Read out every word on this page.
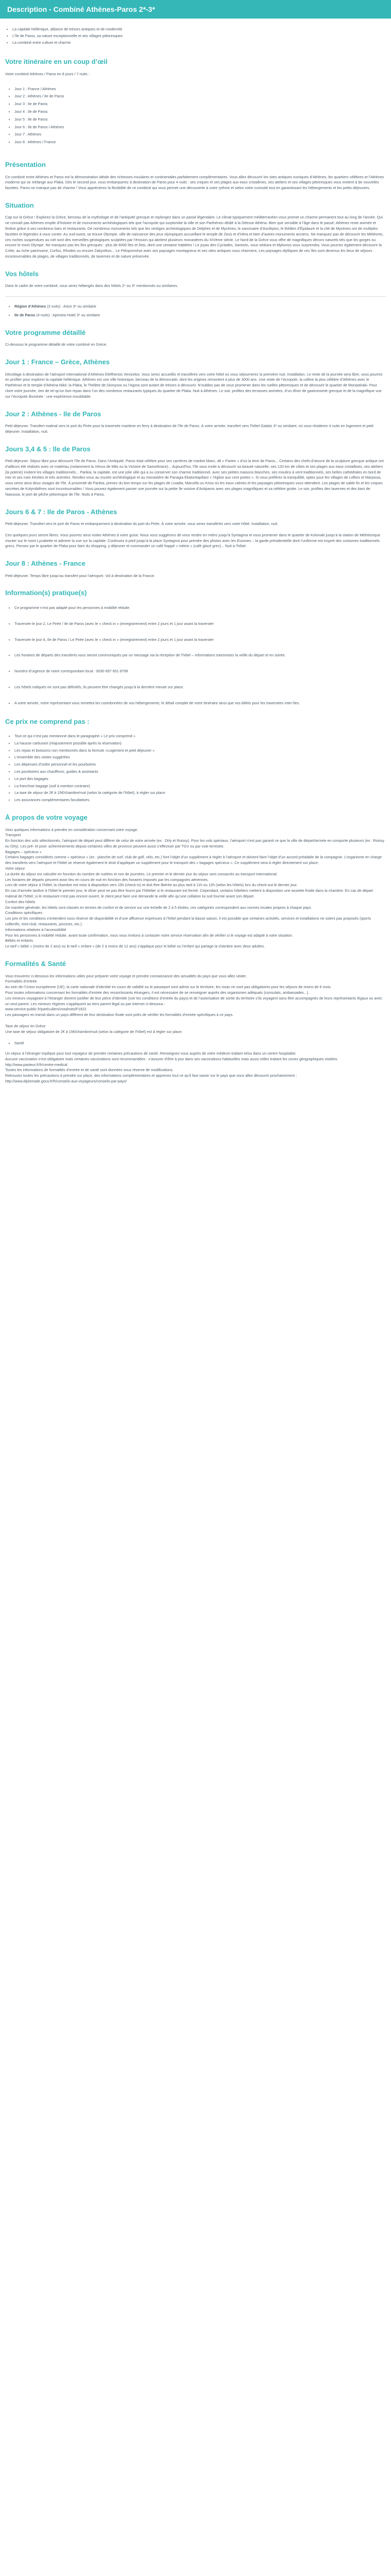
Description - Combiné Athènes-Paros 2*-3*
• La capitale hellénique, alliance de trésors antiques et de modernité
• L’île de Paros, sa nature exceptionnelle et ses villages pittoresques
• La combiné entre culture et charme
Votre itinéraire en un coup d’œil
Votre combiné Athènes / Paros en 8 jours / 7 nuits :
• Jour 1 : France / Athènes
• Jour 2 : Athènes / Ile de Paros
• Jour 3 : Ile de Paros
• Jour 4 : Ile de Paros
• Jour 5 : Ile de Paros
• Jour 6 : Ile de Paros / Athènes
• Jour 7 : Athènes
• Jour 8 : Athènes / France
Présentation
Ce combiné entre Athènes et Paros est la démonstration idéale des richesses insulaires et continentales parfaitement complémentaires. Vous allez découvrir les sites antiques iconiques d’Athènes, les quartiers célèbres et l’Athènes moderne qui se mélange aux Plaka. Dès le second jour, vous embarquerez à destination de Paros pour 4 nuits : ses criques et ses plages aux eaux cristallines, ses ateliers et ses villages pittoresques vous invitent à de nouvelles facettes. Paros ne manque pas de charme ! Vous apprécierez la flexibilité de ce combiné qui vous permet une découverte à votre rythme et selon votre curiosité tout en garantissant les hébergements et les petits déjeuners.
Situation
Cap sur la Grèce ! Explorez la Grèce, berceau de la mythologie et de l’antiquité grecque et replongez dans un passé légendaire. Le climat typiquement méditerranéen vous promet un charme permanent tout au long de l’année. Qui ne connaît pas Athènes emplie d’histoire et de monuments archéologiques tels que l’acropole qui surplombe la ville et son Parthénon dédié à la Déesse Athéna. Bien que sensible à l’âge dans le passé, Athènes reste animée et festive grâce à ses nombreux bars et restaurants. De nombreux monuments tels que les vestiges archéologiques de Delphes et de Mycènes, le sanctuaire d’Asclépios, le théâtre d’Épidaure et la cité de Mycènes ont de multiples facettes et légendes à vous conter. Au sud-ouest, se trouve Olympie, ville de naissance des jeux olympiques accueillant le temple de Zeus et d’Héra et bien d’autres monuments anciens. Ne manquez pas de découvrir les Météores, ces roches suspendues au ciel sont des merveilles géologiques sculptées par l’érosion qui abritent plusieurs monastères du XIVème siècle. Le Nord de la Grèce vous offre de magnifiques décors naturels tels que les gorges ou encore le mont Olympe. Ne manquez pas les îles grecques : plus de 6000 îles et îlots, dont une centaine habitées ! Le joyau des Cyclades, Santorin, vous séduira et Mykonos vous surprendra. Vous pourrez également découvrir la Crète, au riche patrimoine, Corfou, Rhodes ou encore Zakynthos... Le Péloponnèse avec ses paysages montagneux et ses sites antiques vous charmera. Les paysages idylliques de ces îles sont devenus les lieux de séjours incontournables de plages, de villages traditionnels, de tavernes et de nature préservée.
Vos hôtels
Dans le cadre de votre combiné, vous serez hébergés dans des hôtels 2* ou 3* mentionnés ou similaires.
• Région d’Athènes (3 nuits) : Arion 3* ou similaire
• Ile de Paros (4 nuits) : Apimeia Hotel 3* ou similaire
Votre programme détaillé
Ci-dessous le programme détaillé de votre combiné en Grèce.
Jour 1 : France – Grèce, Athènes
Décollage à destination de l’aéroport international d’Athènes Eleftherios Venizelos. Vous serez accueillis et transférés vers votre hôtel où vous séjournerez la première nuit. Installation. Le reste de la journée sera libre, vous pourrez en profiter pour explorer la capitale hellénique. Athènes est une ville historique, berceau de la démocratie, dont les origines remontent à plus de 3000 ans. Une visite de l’Acropole, la colline la plus célèbre d’Athènes avec le Parthénon et le temple d’Athéna Niké, la Plaka, le Théâtre de Dionysos ou l’Agora sont autant de trésors à découvrir. N’oubliez pas de vous promener dans les ruelles pittoresques et de découvrir le quartier de Monastiraki. Pour clore votre journée, rien de tel qu’un bon repas dans l’un des nombreux restaurants typiques du quartier de Plaka. Nuit à Athènes. Le soir, profitez des terrasses animées, d’un dîner de gastronomie grecque et de la magnifique vue sur l’Acropole illuminée : une expérience inoubliable.
Jour 2 : Athènes - Ile de Paros
Petit déjeuner. Transfert matinal vers le port du Pirée pour la traversée maritime en ferry à destination de l’île de Paros. À votre arrivée, transfert vers l’hôtel Galatis 3* ou similaire, où vous résiderez 4 nuits en logement et petit déjeuner. Installation, nuit.
Jours 3,4 & 5 : Ile de Paros
Petit déjeuner. Séjour libre pour découvrir l’île de Paros. Dans l’Antiquité, Paros était célèbre pour ses carrières de marbre blanc, dit « Parien » d’où la tenir de Paros... Certains des chefs-d’œuvre de la sculpture grecque antique ont d’ailleurs été réalisés avec ce matériau (notamment la Vénus de Milo ou la Victoire de Samothrace)... Aujourd’hui, l’île vous invite à découvrir sa beauté naturelle, ses 120 km de côtes et ses plages aux eaux cristallines, ses ateliers (la poterie) invitent les villages traditionnels... Parikia, la capitale, est une jolie ville qui a su conserver son charme traditionnel, avec ses petites maisons blanches, ses moulins à vent traditionnels, ses belles cathédrales en bord de mer et ses rues étroites et très animées. Rendez-vous au musée archéologique et au monastère de Panagia Ekatontapiliani « l’église aux cent portes ». Si vous préférez la tranquillité, optez pour les villages de Lefkes et Marpissa, vous serez ainsi deux visages de l’île. À proximité de Parikia, prenez du bon temps sur les plages de Livadia, Marcello ou Krios où les eaux calmes et les paysages pittoresques vous attendent. Les plages de sable fin et les criques secrètes de Kolymbithres sont incontournables ! Vous pouvez également passer une journée sur la petite île voisine d’Antiparos avec ses plages magnifiques et sa célèbre grotte. Le soir, profitez des tavernes et des bars de Naoussa, le port de pêche pittoresque de l’île. Nuits à Paros.
Jours 6 & 7 : Ile de Paros - Athènes
Petit déjeuner. Transfert vers le port de Paros et embarquement à destination du port du Pirée. À votre arrivée, vous serez transférés vers votre hôtel. Installation, nuit.

Ces quelques jours seront libres. Vous pourrez ainsi visiter Athènes à votre guise. Nous vous suggérons de vous rendre en métro jusqu’à Syntagma et vous promener dans le quartier de Kolonaki jusqu’à la station de Méthéorique monter sur le mont Lycabette et admirer la vue sur la capitale. Continuez à pied jusqu’à la place Syntagma pour prendre des photos avec les Evzones – la garde présidentielle dont l’uniforme est inspiré des costumes traditionnels grecs. Pensez par le quartier de Plaka pour faire du shopping, y déjeuner et commander un café frappé « métrio » (café glacé grec)... Nuit à l’hôtel.
Jour 8 : Athènes - France
Petit déjeuner. Temps libre jusqu’au transfert pour l’aéroport. Vol à destination de la France.
Information(s) pratique(s)
• Ce programme n’est pas adapté pour les personnes à mobilité réduite.
• Traversée le jour 2, Le Pirée / Ile de Paros (avec le « check in » (enregistrement) entre 2 jours et 1 jour avant la traversée
• Traversée le jour 6, Ile de Paros / Le Pirée (avec le « check in » (enregistrement) entre 2 jours et 1 jour avant la traversée
• Les horaires de départs des transferts vous seront communiqués par un message via la réception de l’hôtel – Informations transmises la veille du départ et en soirée.
• Numéro d’urgence de notre correspondant local : 0030 697 651 8799
• Les hôtels indiqués ne sont pas définitifs, ils peuvent être changés jusqu’à la dernière minute sur place.
• A votre arrivée, notre représentant vous remettra les coordonnées de vos hébergements, le détail complet de votre itinéraire ainsi que vos billets pour les traversées inter-îles.
Ce prix ne comprend pas :
• Tout ce qui n’est pas mentionné dans le paragraphe « Le prix comprend »
• La hausse carburant (réajustement possible après la réservation)
• Les repas et boissons non mentionnés dans la formule «Logement et petit déjeuner »
• L’ensemble des visites suggérées
• Les dépenses d’ordre personnel et les pourboires
• Les pourboires aux chauffeurs, guides & assistants
• Le port des bagages
• La franchise bagage (soif à mention contraire)
• La taxe de séjour de 2€ à 15€/chambre/nuit (selon la catégorie de l’hôtel), à régler sur place
• Les assurances complémentaires facultatives.
À propos de votre voyage
Voici quelques informations à prendre en considération concernant votre voyage.
Transport
En fonction des vols sélectionnés, l’aéroport de départ peut différer de celui de votre arrivée (ex : Orly et Roissy). Pour les vols spéciaux, l’aéroport n’est pas garanti ce que la ville de départ/arrivée en comporte plusieurs (ex : Roissy ou Orly). Les pré- et post- acheminements depuis certaines villes de province peuvent aussi s’effectuer par TGV ou par voie terrestre.
Bagages – spécieux »
Certains bagages considérés comme « spécieux » (ex : planche de surf, club de golf, vélo, etc.) font l’objet d’un supplément à régler à l’aéroport et doivent faire l’objet d’un accord préalable de la compagnie. L’organisme en charge des transferts vers l’aéroport et l’hôtel se réserve également le droit d’appliquer un supplément pour le transport des « bagages spécieux ». Ce supplément sera à régler directement sur place.
Votre séjour
La durée du séjour est calculée en fonction du nombre de nuitées et non de journées. Le premier et le dernier jour du séjour sont consacrés au transport international.
Les horaires de départs peuvent avoir lieu en cours de nuit en fonction des horaires imposés par les compagnies aériennes.
Lors de votre séjour à l’hôtel, la chambre est mise à disposition vers 15h (check-in) et doit être libérée au plus tard à 11h ou 12h (selon les hôtels) lors du check-out le dernier jour.
En cas d’arrivée tardive à l’hôtel le premier jour, le dîner peut ne pas être fourni par l’hôtelier si le restaurant est fermé. Cependant, certains hôteliers mettent à disposition une assiette froide dans la chambre. En cas de départ matinal de l’hôtel, si le restaurant n’est pas encore ouvert, le client peut faire une demande la veille afin qu’une collation lui soit fournie avant son départ.
Confort des hôtels
De manière générale, les hôtels sont classés en termes de confort et de service sur une échelle de 2 à 5 étoiles, ces catégories correspondent aux normes locales propres à chaque pays.
Conditions spécifiques
Les prix et les conditions s’entendent sous réserve de disponibilité et d’une affluence imprévues à l’hôtel pendant la basse saison, il est possible que certaines activités, services et installations ne soient pas proposés (sports collectifs, mini-club, restaurants, piscines, etc.).
Informations relatives à l’accessibilité
Pour les personnes à mobilité réduite, avant toute confirmation, nous vous invitons à contacter notre service réservation afin de vérifier si le voyage est adapté à votre situation.
Bébés et enfants
Le tarif « bébé » (moins de 2 ans) ou le tarif « enfant » (de 2 à moins de 12 ans) s’applique pour le bébé ou l’enfant qui partage la chambre avec deux adultes.
Formalités & Santé
Vous trouverez ci-dessous les informations utiles pour préparer votre voyage et prendre connaissance des actualités du pays que vous allez visiter.
Formalités d’entrée
Au sein de l’Union européenne (UE), la carte nationale d’identité en cours de validité ou le passeport sont admis sur le territoire, les visas ne sont pas obligatoires pour les séjours de moins de 6 mois.
Pour toutes informations concernant les formalités d’entrée des ressortissants étrangers, il est nécessaire de se renseigner auprès des organismes adéquats (consulats, ambassades...).
Les mineurs voyageant à l’étranger doivent justifier de leur pièce d’identité (voir les conditions d’entrée du pays) et de l’autorisation de sortie du territoire s’ils voyagent sans être accompagnés de leurs représentants légaux ou avec un seul parent. Les mineurs régimes s’appliquent au tiers parent légal ou par internet ci-dessous :
www.service-public.fr/particuliers/vosdroits/F1922
Les passagers en transit dans un pays différent de leur destination finale sont priés de vérifier les formalités d’entrée spécifiques à ce pays.

Taxe de séjour en Grèce
Une taxe de séjour obligatoire de 2€ à 15€/chambre/nuit (selon la catégorie de l’hôtel) est à régler sur place.
• Santé
Un séjour à l’étranger implique pour tout voyageur de prendre certaines précautions de santé. Renseignez-vous auprès de votre médecin traitant et/ou dans un centre hospitalier.
Aucune vaccination n’est obligatoire mais certaines vaccinations sont recommandées : s’assurer d’être à jour dans ses vaccinations habituelles mais aussi celles traitant les zones géographiques visitées.
http://www.pasteur.fr/fr/centre-medical
Toutes les informations de formalités d’entrée et de santé sont données sous réserve de modifications.
Retrouvez toutes les précautions à prendre sur place, des informations complémentaires et apprenez tout ce qu’il faut savoir sur le pays que vous allez découvrir prochainement :
http://www.diplomatie.gouv.fr/fr/conseils-aux-voyageurs/conseils-par-pays/
